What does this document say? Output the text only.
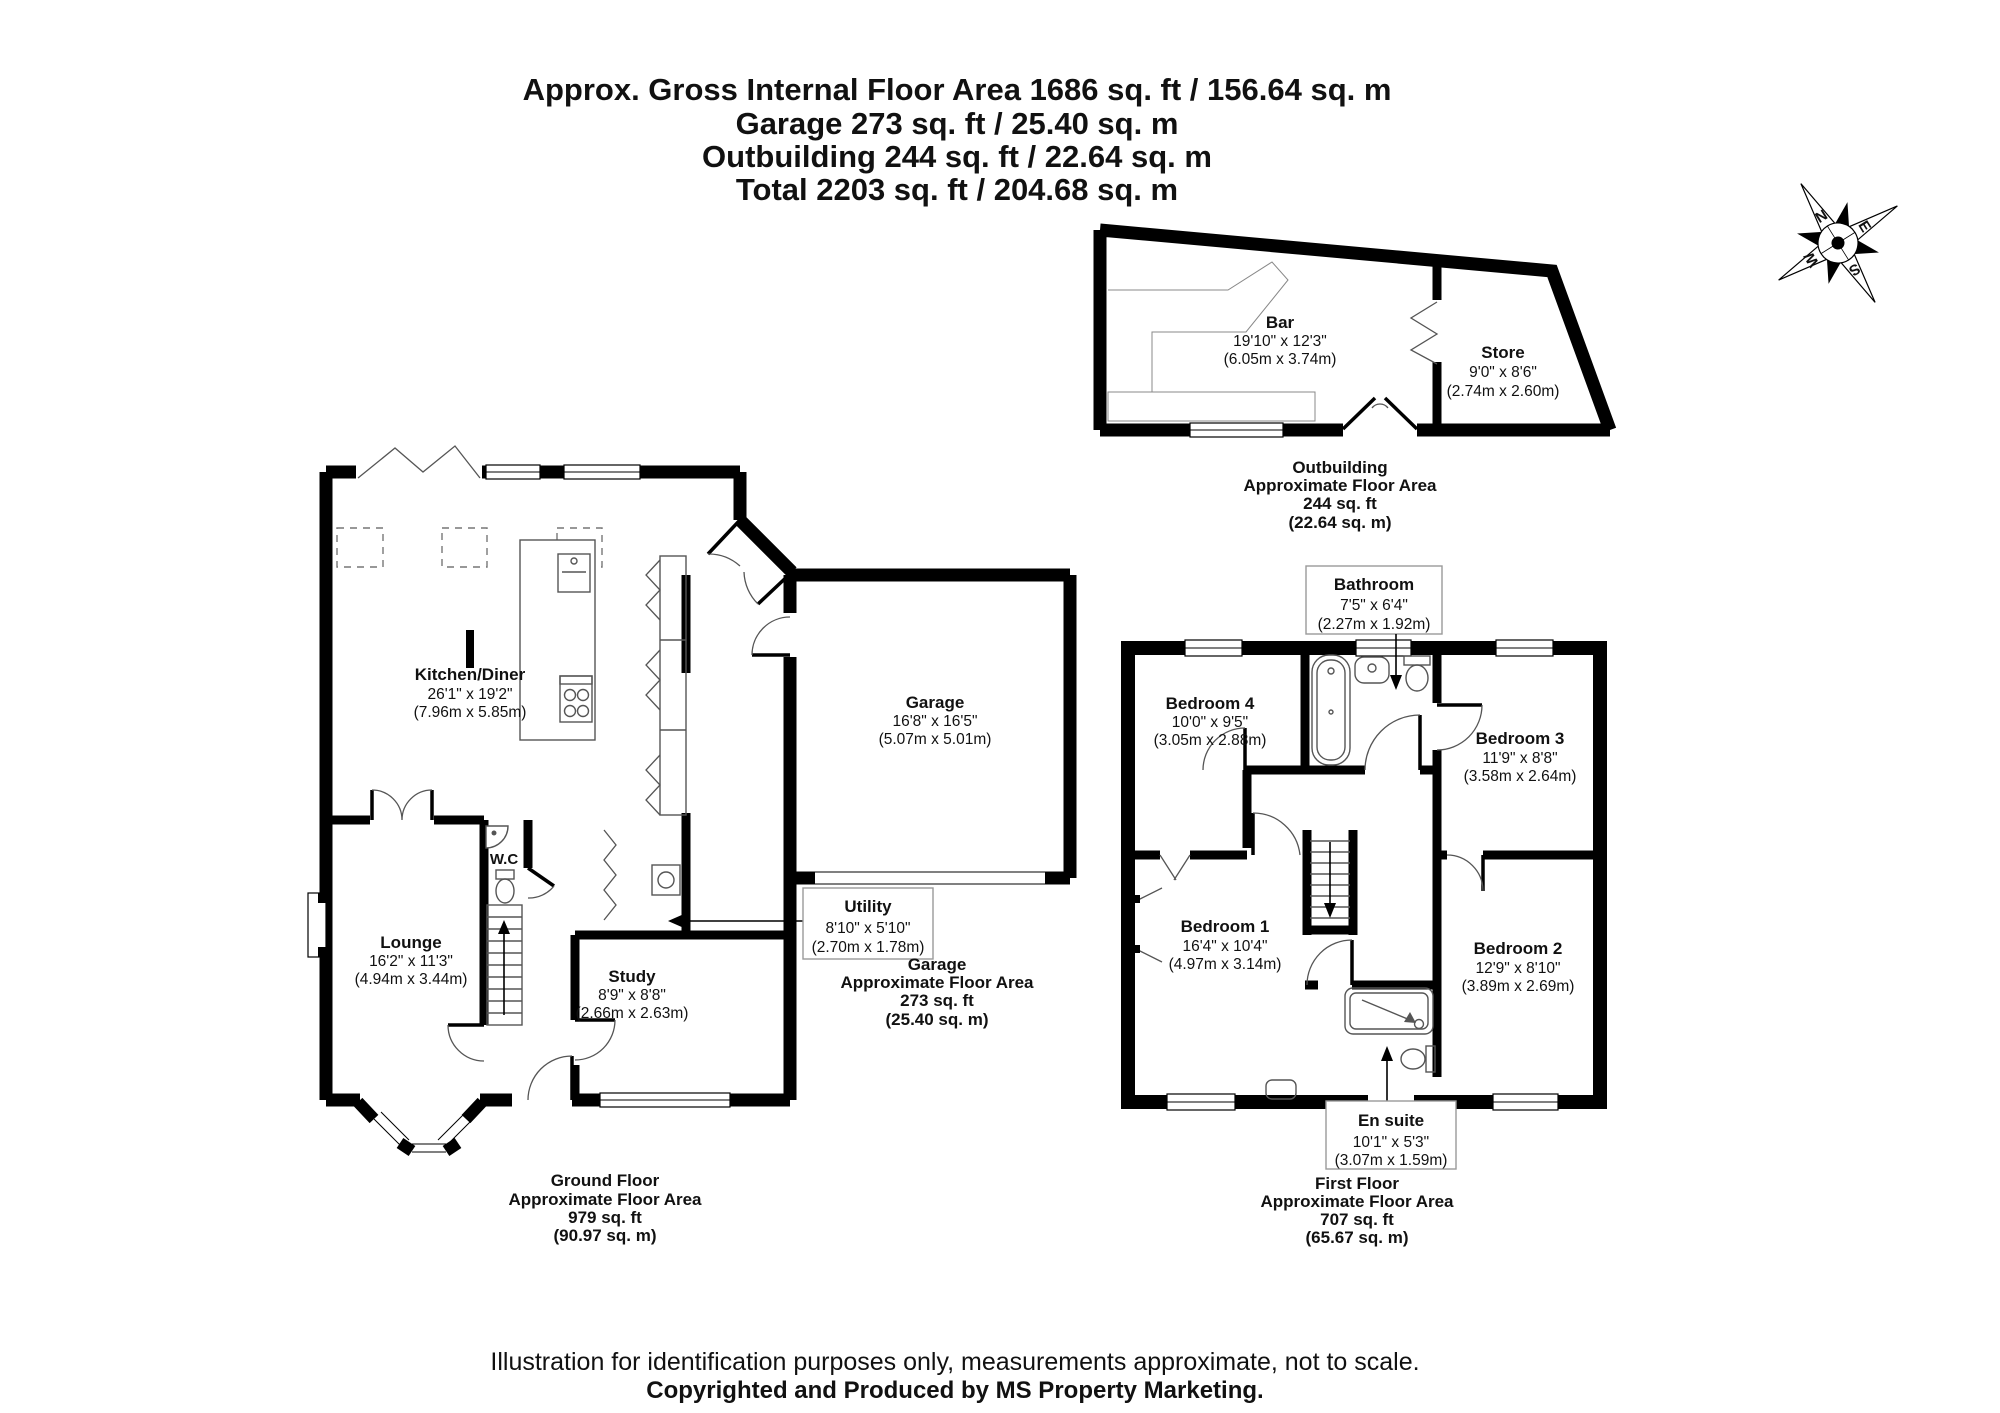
Approx. Gross Internal Floor Area 1686 sq. ft / 156.64 sq. m
Garage 273 sq. ft / 25.40 sq. m
Outbuilding 244 sq. ft / 22.64 sq. m
Total 2203 sq. ft / 204.68 sq. m
N E
S
W
Bar
19'10" x 12'3"
(6.05m x 3.74m)	Store
9'0" x 8'6"
(2.74m x 2.60m)
Outbuilding
Approximate Floor Area
244 sq. ft
(22.64 sq. m)
Kitchen/Diner
26'1" x 19'2"
(7.96m x 5.85m)
Garage
16'8" x 16'5"
(5.07m x 5.01m)
Lounge
16'2" x 11'3"
(4.94m x 3.44m)
W.C
Study
8'9" x 8'8"
(2.66m x 2.63m)
Utility
8'10" x 5'10"
(2.70m x 1.78m)
Garage
Approximate Floor Area
273 sq. ft
(25.40 sq. m)
Ground Floor
Approximate Floor Area
979 sq. ft
(90.97 sq. m)
Bathroom
7'5" x 6'4"
(2.27m x 1.92m)
Bedroom 4
10'0" x 9'5"
(3.05m x 2.88m)	Bedroom 3
11'9" x 8'8"
(3.58m x 2.64m)
Bedroom 1
16'4" x 10'4"
(4.97m x 3.14m)
Bedroom 2
12'9" x 8'10"
(3.89m x 2.69m)
En suite
10'1" x 5'3"
(3.07m x 1.59m)
First Floor
Approximate Floor Area
707 sq. ft
(65.67 sq. m)
Illustration for identification purposes only, measurements approximate, not to scale.
Copyrighted and Produced by MS Property Marketing.
